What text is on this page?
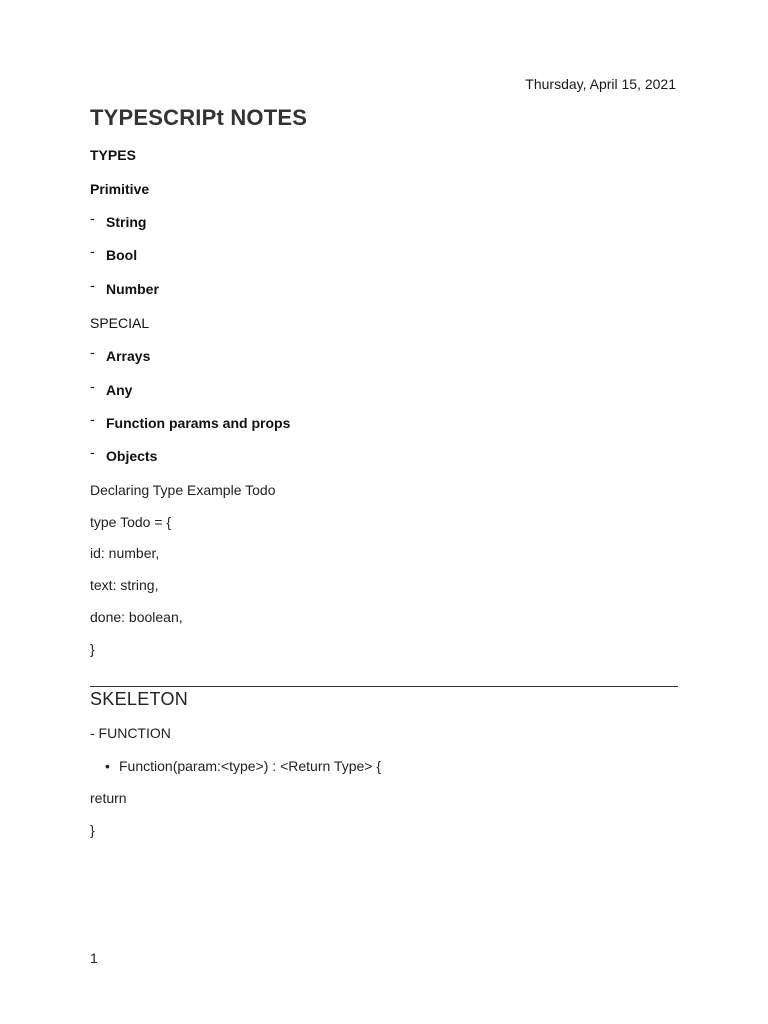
Thursday, April 15, 2021
TYPESCRIPt NOTES
TYPES
Primitive
- String
- Bool
- Number
SPECIAL
- Arrays
- Any
- Function params and props
- Objects
Declaring Type Example Todo
type Todo = {
id: number,
text: string,
done: boolean,
}
SKELETON
- FUNCTION
• Function(param:<type>) : <Return Type> {
return
}
1
